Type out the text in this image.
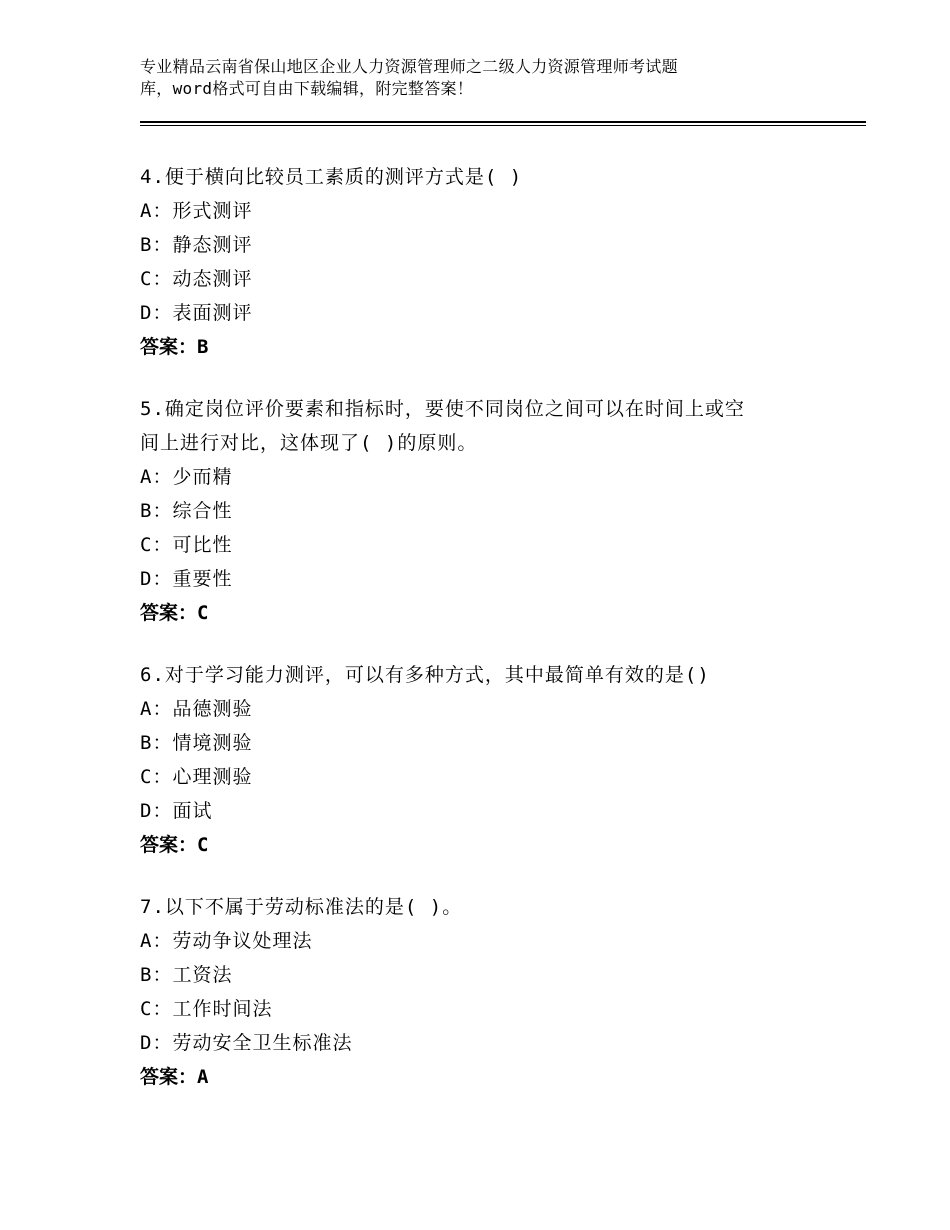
专业精品云南省保山地区企业人力资源管理师之二级人力资源管理师考试题
库，word格式可自由下载编辑，附完整答案！
4.便于横向比较员工素质的测评方式是( )
A：形式测评
B：静态测评
C：动态测评
D：表面测评
答案：B
5.确定岗位评价要素和指标时，要使不同岗位之间可以在时间上或空
间上进行对比，这体现了( )的原则。
A：少而精
B：综合性
C：可比性
D：重要性
答案：C
6.对于学习能力测评，可以有多种方式，其中最简单有效的是()
A：品德测验
B：情境测验
C：心理测验
D：面试
答案：C
7.以下不属于劳动标准法的是( )。
A：劳动争议处理法
B：工资法
C：工作时间法
D：劳动安全卫生标准法
答案：A
